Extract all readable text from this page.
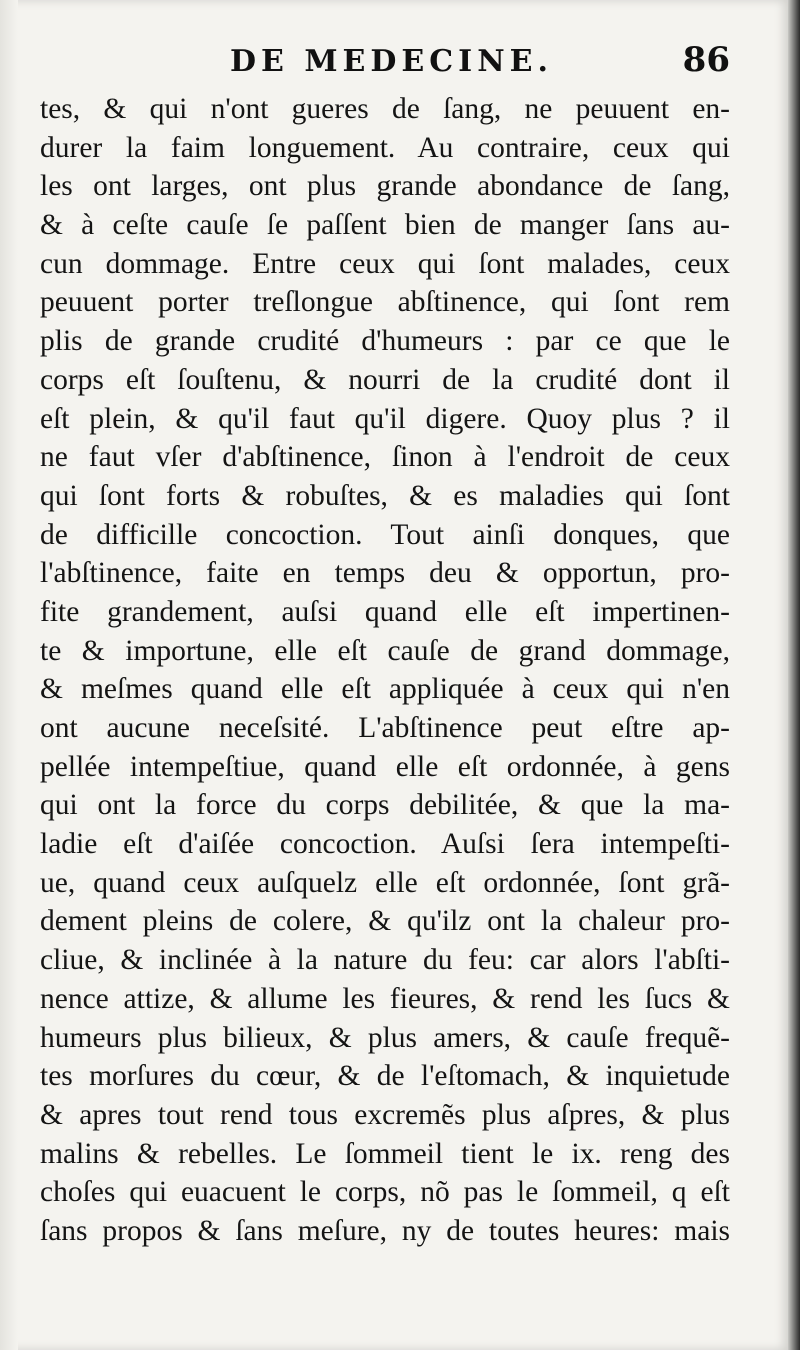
DE MEDECINE.	86
tes, & qui n'ont gueres de ſang, ne peuuent en-
durer la faim longuement. Au contraire, ceux qui
les ont larges, ont plus grande abondance de ſang,
& à ceſte cauſe ſe paſſent bien de manger ſans au-
cun dommage. Entre ceux qui ſont malades, ceux
peuuent porter treſlongue abſtinence, qui ſont rem
plis de grande crudité d'humeurs : par ce que le
corps eſt ſouſtenu, & nourri de la crudité dont il
eſt plein, & qu'il faut qu'il digere. Quoy plus ? il
ne faut vſer d'abſtinence, ſinon à l'endroit de ceux
qui ſont forts & robuſtes, & es maladies qui ſont
de difficille concoction. Tout ainſi donques, que
l'abſtinence, faite en temps deu & opportun, pro-
fite grandement, auſsi quand elle eſt impertinen-
te & importune, elle eſt cauſe de grand dommage,
& meſmes quand elle eſt appliquée à ceux qui n'en
ont aucune neceſsité. L'abſtinence peut eſtre ap-
pellée intempeſtiue, quand elle eſt ordonnée, à gens
qui ont la force du corps debilitée, & que la ma-
ladie eſt d'aiſée concoction. Auſsi ſera intempeſti-
ue, quand ceux auſquelz elle eſt ordonnée, ſont grã-
dement pleins de colere, & qu'ilz ont la chaleur pro-
cliue, & inclinée à la nature du feu: car alors l'abſti-
nence attize, & allume les fieures, & rend les ſucs &
humeurs plus bilieux, & plus amers, & cauſe frequẽ-
tes morſures du cœur, & de l'eſtomach, & inquietude
& apres tout rend tous excremẽs plus aſpres, & plus
malins & rebelles. Le ſommeil tient le ix. reng des
choſes qui euacuent le corps, nõ pas le ſommeil, q eſt
ſans propos & ſans meſure, ny de toutes heures: mais
